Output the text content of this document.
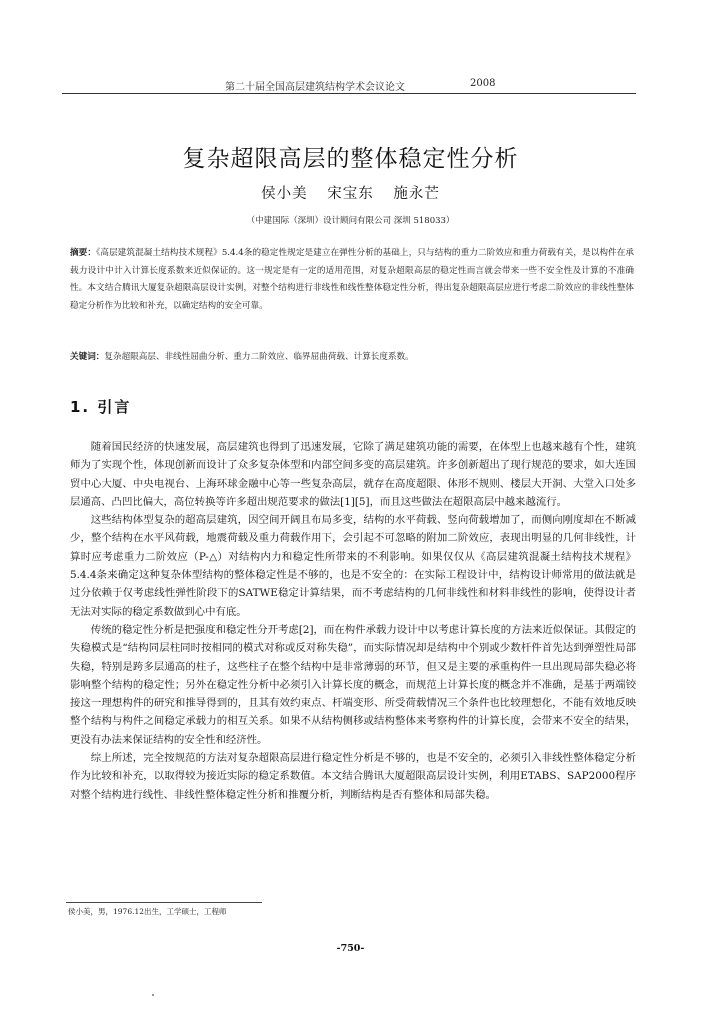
第二十届全国高层建筑结构学术会议论文	2008
复杂超限高层的整体稳定性分析
侯小美 宋宝东 施永芒
（中建国际（深圳）设计顾问有限公司 深圳 518033）
摘要：《高层建筑混凝土结构技术规程》5.4.4条的稳定性规定是建立在弹性分析的基础上，只与结构的重力二阶效应和重力荷载有关，是以构件在承载力设计中计入计算长度系数来近似保证的。这一规定是有一定的适用范围，对复杂超限高层的稳定性而言就会带来一些不安全性及计算的不准确性。本文结合腾讯大厦复杂超限高层设计实例，对整个结构进行非线性和线性整体稳定性分析，得出复杂超限高层应进行考虑二阶效应的非线性整体稳定分析作为比较和补充，以确定结构的安全可靠。
关键词：复杂超限高层、非线性屈曲分析、重力二阶效应、临界屈曲荷载、计算长度系数。
1. 引言

随着国民经济的快速发展，高层建筑也得到了迅速发展，它除了满足建筑功能的需要，在体型上也越来越有个性，建筑师为了实现个性，体现创新而设计了众多复杂体型和内部空间多变的高层建筑。许多创新超出了现行规范的要求，如大连国贸中心大厦、中央电视台、上海环球金融中心等一些复杂高层，就存在高度超限、体形不规则、楼层大开洞、大堂入口处多层通高、凸凹比偏大，高位转换等许多超出规范要求的做法[1][5]，而且这些做法在超限高层中越来越流行。

这些结构体型复杂的超高层建筑，因空间开阔且布局多变，结构的水平荷载、竖向荷载增加了，而侧向刚度却在不断减少，整个结构在水平风荷载，地震荷载及重力荷载作用下，会引起不可忽略的附加二阶效应，表现出明显的几何非线性，计算时应考虑重力二阶效应（P-△）对结构内力和稳定性所带来的不利影响。如果仅仅从《高层建筑混凝土结构技术规程》5.4.4条来确定这种复杂体型结构的整体稳定性是不够的，也是不安全的：在实际工程设计中，结构设计师常用的做法就是过分依赖于仅考虑线性弹性阶段下的SATWE稳定计算结果，而不考虑结构的几何非线性和材料非线性的影响，使得设计者无法对实际的稳定系数做到心中有底。

传统的稳定性分析是把强度和稳定性分开考虑[2]，而在构件承载力设计中以考虑计算长度的方法来近似保证。其假定的失稳模式是“结构同层柱同时按相同的模式对称或反对称失稳”，而实际情况却是结构中个别或少数杆件首先达到弹塑性局部失稳，特别是跨多层通高的柱子，这些柱子在整个结构中是非常薄弱的环节，但又是主要的承重构件一旦出现局部失稳必将影响整个结构的稳定性；另外在稳定性分析中必须引入计算长度的概念，而规范上计算长度的概念并不准确，是基于两端铰接这一理想构件的研究和推导得到的，且其有效约束点、杆端变形、所受荷载情况三个条件也比较理想化，不能有效地反映整个结构与构件之间稳定承载力的相互关系。如果不从结构侧移或结构整体来考察构件的计算长度，会带来不安全的结果，更没有办法来保证结构的安全性和经济性。

综上所述，完全按规范的方法对复杂超限高层进行稳定性分析是不够的，也是不安全的，必须引入非线性整体稳定分析作为比较和补充，以取得较为接近实际的稳定系数值。本文结合腾讯大厦超限高层设计实例，利用ETABS、SAP2000程序对整个结构进行线性、非线性整体稳定性分析和推覆分析，判断结构是否有整体和局部失稳。

侯小美，男，1976.12出生，工学硕士，工程师
-750-
